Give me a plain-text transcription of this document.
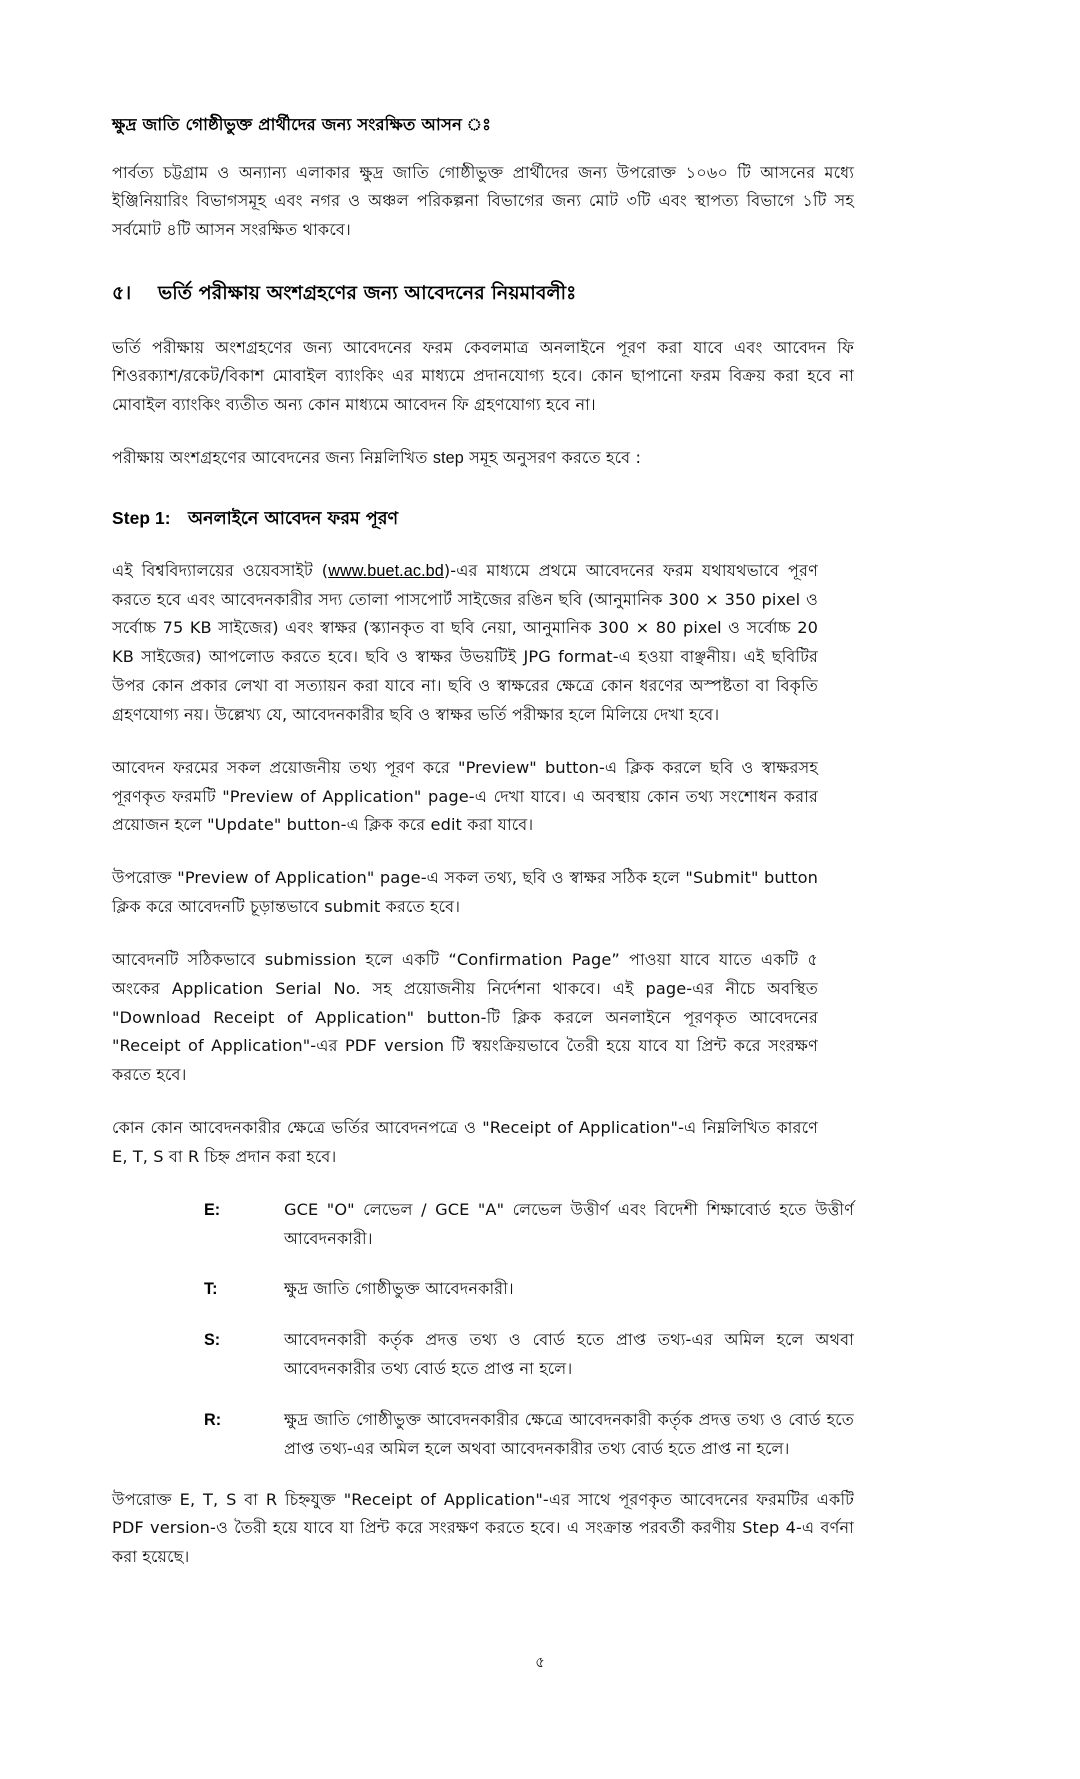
ক্ষুদ্র জাতি গোষ্ঠীভুক্ত প্রার্থীদের জন্য সংরক্ষিত আসন ঃ

পার্বত্য চট্টগ্রাম ও অন্যান্য এলাকার ক্ষুদ্র জাতি গোষ্ঠীভুক্ত প্রার্থীদের জন্য উপরোক্ত ১০৬০ টি আসনের মধ্যে ইঞ্জিনিয়ারিং বিভাগসমূহ এবং নগর ও অঞ্চল পরিকল্পনা বিভাগের জন্য মোট ৩টি এবং স্থাপত্য বিভাগে ১টি সহ সর্বমোট ৪টি আসন সংরক্ষিত থাকবে।

৫। ভর্তি পরীক্ষায় অংশগ্রহণের জন্য আবেদনের নিয়মাবলীঃ

ভর্তি পরীক্ষায় অংশগ্রহণের জন্য আবেদনের ফরম কেবলমাত্র অনলাইনে পূরণ করা যাবে এবং আবেদন ফি শিওরক্যাশ/রকেট/বিকাশ মোবাইল ব্যাংকিং এর মাধ্যমে প্রদানযোগ্য হবে। কোন ছাপানো ফরম বিক্রয় করা হবে না মোবাইল ব্যাংকিং ব্যতীত অন্য কোন মাধ্যমে আবেদন ফি গ্রহণযোগ্য হবে না।

পরীক্ষায় অংশগ্রহণের আবেদনের জন্য নিম্নলিখিত step সমূহ অনুসরণ করতে হবে :

Step 1: অনলাইনে আবেদন ফরম পূরণ

এই বিশ্ববিদ্যালয়ের ওয়েবসাইট (www.buet.ac.bd)-এর মাধ্যমে প্রথমে আবেদনের ফরম যথাযথভাবে পূরণ করতে হবে এবং আবেদনকারীর সদ্য তোলা পাসপোর্ট সাইজের রঙিন ছবি (আনুমানিক 300 × 350 pixel ও সর্বোচ্চ 75 KB সাইজের) এবং স্বাক্ষর (স্ক্যানকৃত বা ছবি নেয়া, আনুমানিক 300 × 80 pixel ও সর্বোচ্চ 20 KB সাইজের) আপলোড করতে হবে। ছবি ও স্বাক্ষর উভয়টিই JPG format-এ হওয়া বাঞ্ছনীয়। এই ছবিটির উপর কোন প্রকার লেখা বা সত্যায়ন করা যাবে না। ছবি ও স্বাক্ষরের ক্ষেত্রে কোন ধরণের অস্পষ্টতা বা বিকৃতি গ্রহণযোগ্য নয়। উল্লেখ্য যে, আবেদনকারীর ছবি ও স্বাক্ষর ভর্তি পরীক্ষার হলে মিলিয়ে দেখা হবে।

আবেদন ফরমের সকল প্রয়োজনীয় তথ্য পূরণ করে "Preview" button-এ ক্লিক করলে ছবি ও স্বাক্ষরসহ পূরণকৃত ফরমটি "Preview of Application" page-এ দেখা যাবে। এ অবস্থায় কোন তথ্য সংশোধন করার প্রয়োজন হলে "Update" button-এ ক্লিক করে edit করা যাবে।

উপরোক্ত "Preview of Application" page-এ সকল তথ্য, ছবি ও স্বাক্ষর সঠিক হলে "Submit" button ক্লিক করে আবেদনটি চূড়ান্তভাবে submit করতে হবে।

আবেদনটি সঠিকভাবে submission হলে একটি “Confirmation Page” পাওয়া যাবে যাতে একটি ৫ অংকের Application Serial No. সহ প্রয়োজনীয় নির্দেশনা থাকবে। এই page-এর নীচে অবস্থিত "Download Receipt of Application" button-টি ক্লিক করলে অনলাইনে পূরণকৃত আবেদনের "Receipt of Application"-এর PDF version টি স্বয়ংক্রিয়ভাবে তৈরী হয়ে যাবে যা প্রিন্ট করে সংরক্ষণ করতে হবে।

কোন কোন আবেদনকারীর ক্ষেত্রে ভর্তির আবেদনপত্রে ও "Receipt of Application"-এ নিম্নলিখিত কারণে E, T, S বা R চিহ্ন প্রদান করা হবে।

E:	GCE "O" লেভেল / GCE "A" লেভেল উত্তীর্ণ এবং বিদেশী শিক্ষাবোর্ড হতে উত্তীর্ণ আবেদনকারী।
T:	ক্ষুদ্র জাতি গোষ্ঠীভুক্ত আবেদনকারী।
S:	আবেদনকারী কর্তৃক প্রদত্ত তথ্য ও বোর্ড হতে প্রাপ্ত তথ্য-এর অমিল হলে অথবা আবেদনকারীর তথ্য বোর্ড হতে প্রাপ্ত না হলে।
R:	ক্ষুদ্র জাতি গোষ্ঠীভুক্ত আবেদনকারীর ক্ষেত্রে আবেদনকারী কর্তৃক প্রদত্ত তথ্য ও বোর্ড হতে প্রাপ্ত তথ্য-এর অমিল হলে অথবা আবেদনকারীর তথ্য বোর্ড হতে প্রাপ্ত না হলে।

উপরোক্ত E, T, S বা R চিহ্নযুক্ত "Receipt of Application"-এর সাথে পূরণকৃত আবেদনের ফরমটির একটি PDF version-ও তৈরী হয়ে যাবে যা প্রিন্ট করে সংরক্ষণ করতে হবে। এ সংক্রান্ত পরবর্তী করণীয় Step 4-এ বর্ণনা করা হয়েছে।

৫
